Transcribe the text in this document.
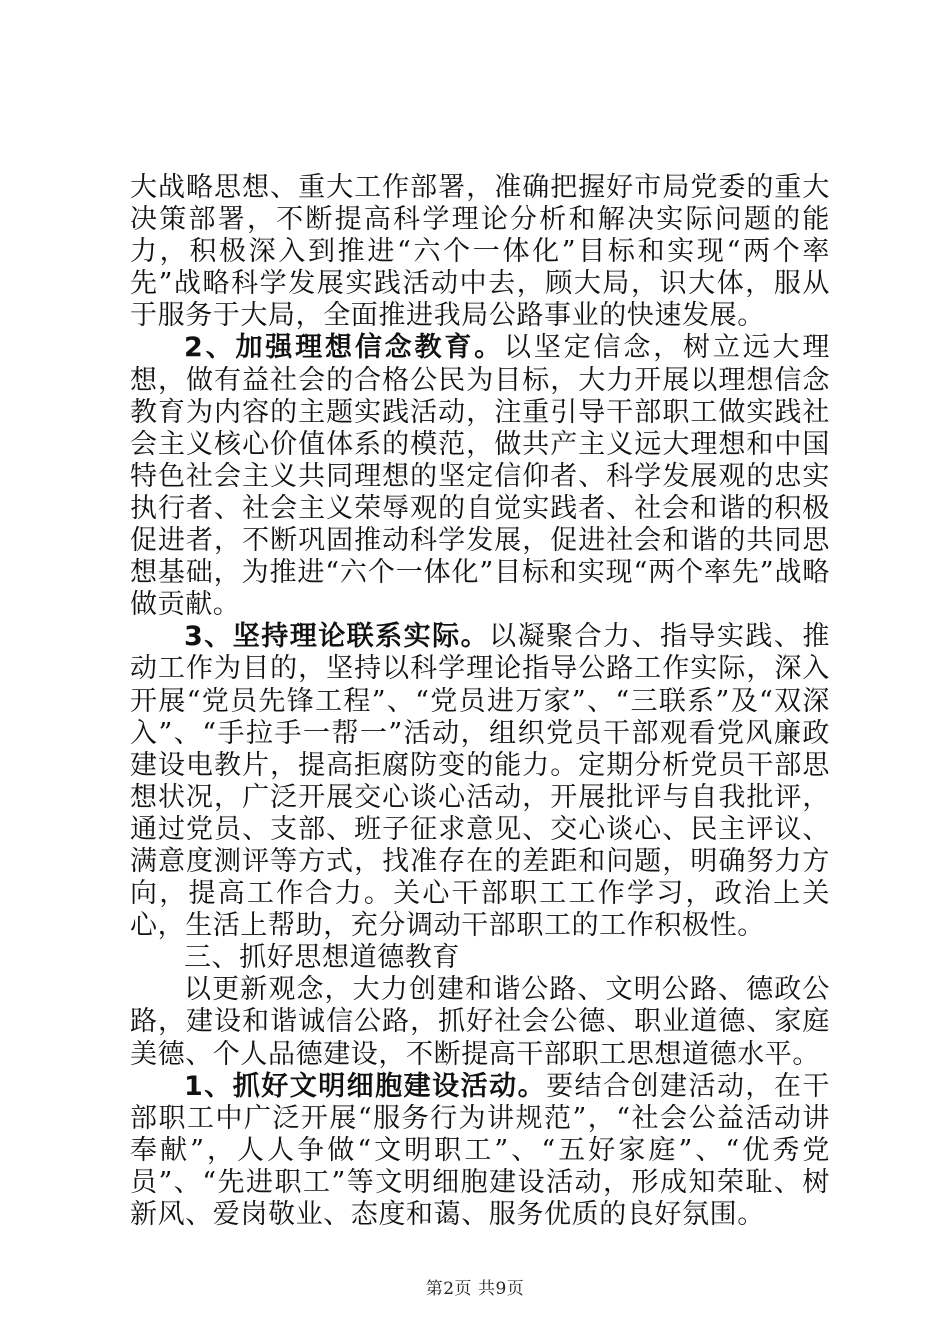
大战略思想、重大工作部署，准确把握好市局党委的重大决策部署，不断提高科学理论分析和解决实际问题的能力，积极深入到推进“六个一体化”目标和实现“两个率先”战略科学发展实践活动中去，顾大局，识大体，服从于服务于大局，全面推进我局公路事业的快速发展。

2、加强理想信念教育。以坚定信念，树立远大理想，做有益社会的合格公民为目标，大力开展以理想信念教育为内容的主题实践活动，注重引导干部职工做实践社会主义核心价值体系的模范，做共产主义远大理想和中国特色社会主义共同理想的坚定信仰者、科学发展观的忠实执行者、社会主义荣辱观的自觉实践者、社会和谐的积极促进者，不断巩固推动科学发展，促进社会和谐的共同思想基础，为推进“六个一体化”目标和实现“两个率先”战略做贡献。

3、坚持理论联系实际。以凝聚合力、指导实践、推动工作为目的，坚持以科学理论指导公路工作实际，深入开展“党员先锋工程”、“党员进万家”、“三联系”及“双深入”、“手拉手一帮一”活动，组织党员干部观看党风廉政建设电教片，提高拒腐防变的能力。定期分析党员干部思想状况，广泛开展交心谈心活动，开展批评与自我批评，通过党员、支部、班子征求意见、交心谈心、民主评议、满意度测评等方式，找准存在的差距和问题，明确努力方向，提高工作合力。关心干部职工工作学习，政治上关心，生活上帮助，充分调动干部职工的工作积极性。

三、抓好思想道德教育

以更新观念，大力创建和谐公路、文明公路、德政公路，建设和谐诚信公路，抓好社会公德、职业道德、家庭美德、个人品德建设，不断提高干部职工思想道德水平。

1、抓好文明细胞建设活动。要结合创建活动，在干部职工中广泛开展“服务行为讲规范”，“社会公益活动讲奉献”，人人争做“文明职工”、“五好家庭”、“优秀党员”、“先进职工”等文明细胞建设活动，形成知荣耻、树新风、爱岗敬业、态度和蔼、服务优质的良好氛围。

第2页 共9页
